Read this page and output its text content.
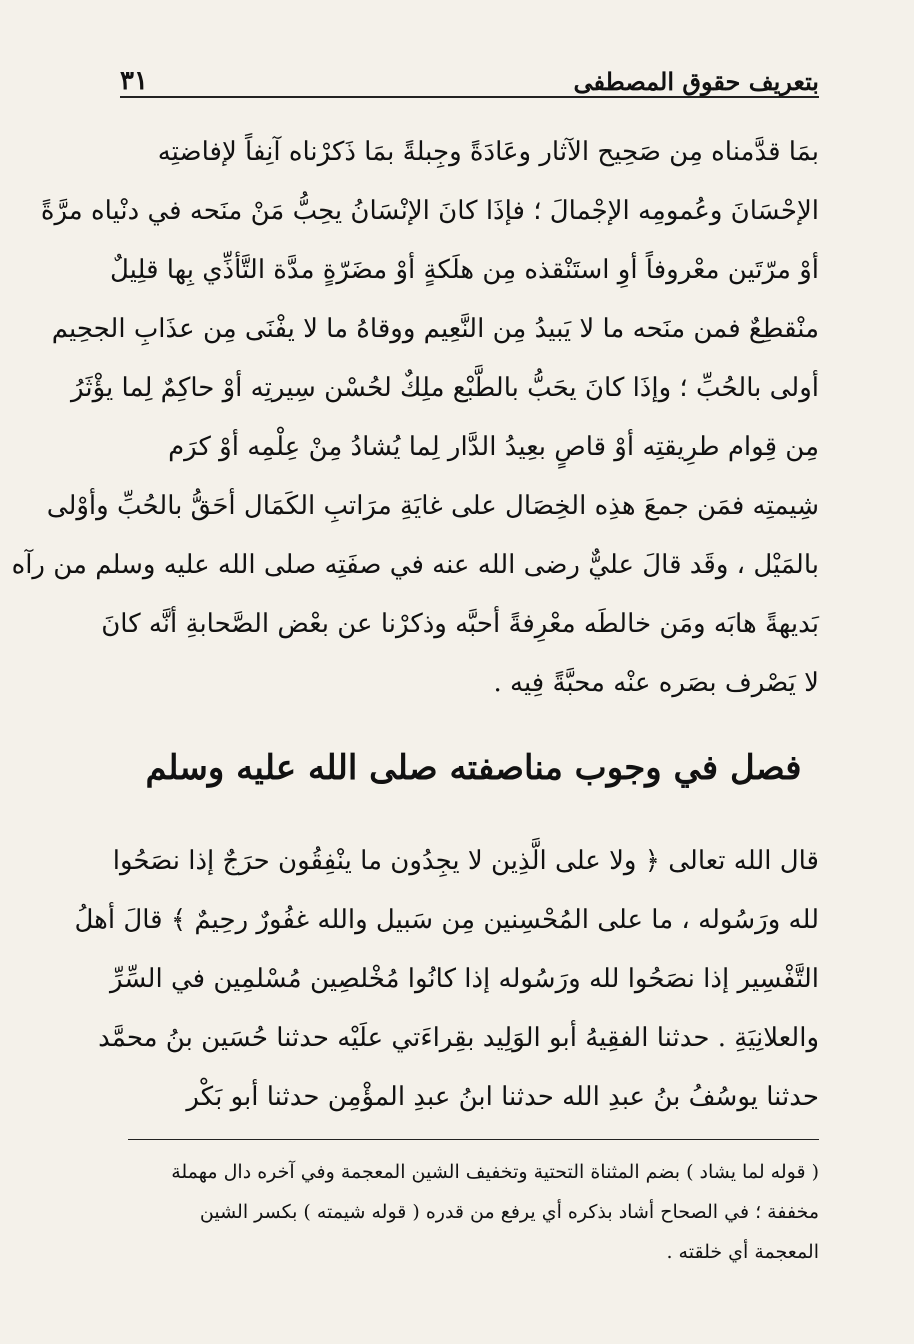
بتعريف حقوق المصطفى
٣١
بمَا قدَّمناه مِن صَحِيح الآثار وعَادَةً وجِبلةً بمَا ذَكرْناه آنِفاً لإفاضتِه
الإحْسَانَ وعُمومِه الإجْمالَ ؛ فإذَا كانَ الإنْسَانُ يحِبُّ مَنْ منَحه في دنْياه مرَّةً
أوْ مرّتَين معْروفاً أوِ استَنْقذه مِن هلَكةٍ أوْ مضَرّةٍ مدَّة التَّأذِّي بِها قلِيلٌ
منْقطِعٌ فمن منَحه ما لا يَبيدُ مِن النَّعِيم ووقاهُ ما لا يفْنَى مِن عذَابِ الجحِيم
أولى بالحُبِّ ؛ وإذَا كانَ يحَبُّ بالطَّبْع ملِكٌ لحُسْن سِيرتِه أوْ حاكِمٌ لِما يؤْثَرُ
مِن قِوام طرِيقتِه أوْ قاصٍ بعِيدُ الدَّار لِما يُشادُ مِنْ عِلْمِه أوْ كرَم
شِيمتِه فمَن جمعَ هذِه الخِصَال على غايَةِ مرَاتبِ الكَمَال أحَقُّ بالحُبِّ وأوْلى
بالمَيْل ، وقَد قالَ عليٌّ رضى الله عنه في صفَتِه صلى الله عليه وسلم من رآه
بَديهةً هابَه ومَن خالطَه معْرِفةً أحبَّه وذكرْنا عن بعْض الصَّحابةِ أنَّه كانَ
لا يَصْرف بصَره عنْه محبَّةً فِيه .
فصل في وجوب مناصفته صلى الله عليه وسلم
قال الله تعالى ﴿ ولا على الَّذِين لا يجِدُون ما ينْفِقُون حرَجٌ إذا نصَحُوا
لله ورَسُوله ، ما على المُحْسِنين مِن سَبيل والله غفُورٌ رحِيمٌ ﴾ قالَ أهلُ
التَّفْسِير إذا نصَحُوا لله ورَسُوله إذا كانُوا مُخْلصِين مُسْلمِين في السِّرِّ
والعلانِيَةِ . حدثنا الفقِيهُ أبو الوَلِيد بقِراءَتي علَيْه حدثنا حُسَين بنُ محمَّد
حدثنا يوسُفُ بنُ عبدِ الله حدثنا ابنُ عبدِ المؤْمِن حدثنا أبو بَكْر
( قوله لما يشاد ) بضم المثناة التحتية وتخفيف الشين المعجمة وفي آخره دال مهملة
مخففة ؛ في الصحاح أشاد بذكره أي يرفع من قدره ( قوله شيمته ) بكسر الشين
المعجمة أي خلقته .
